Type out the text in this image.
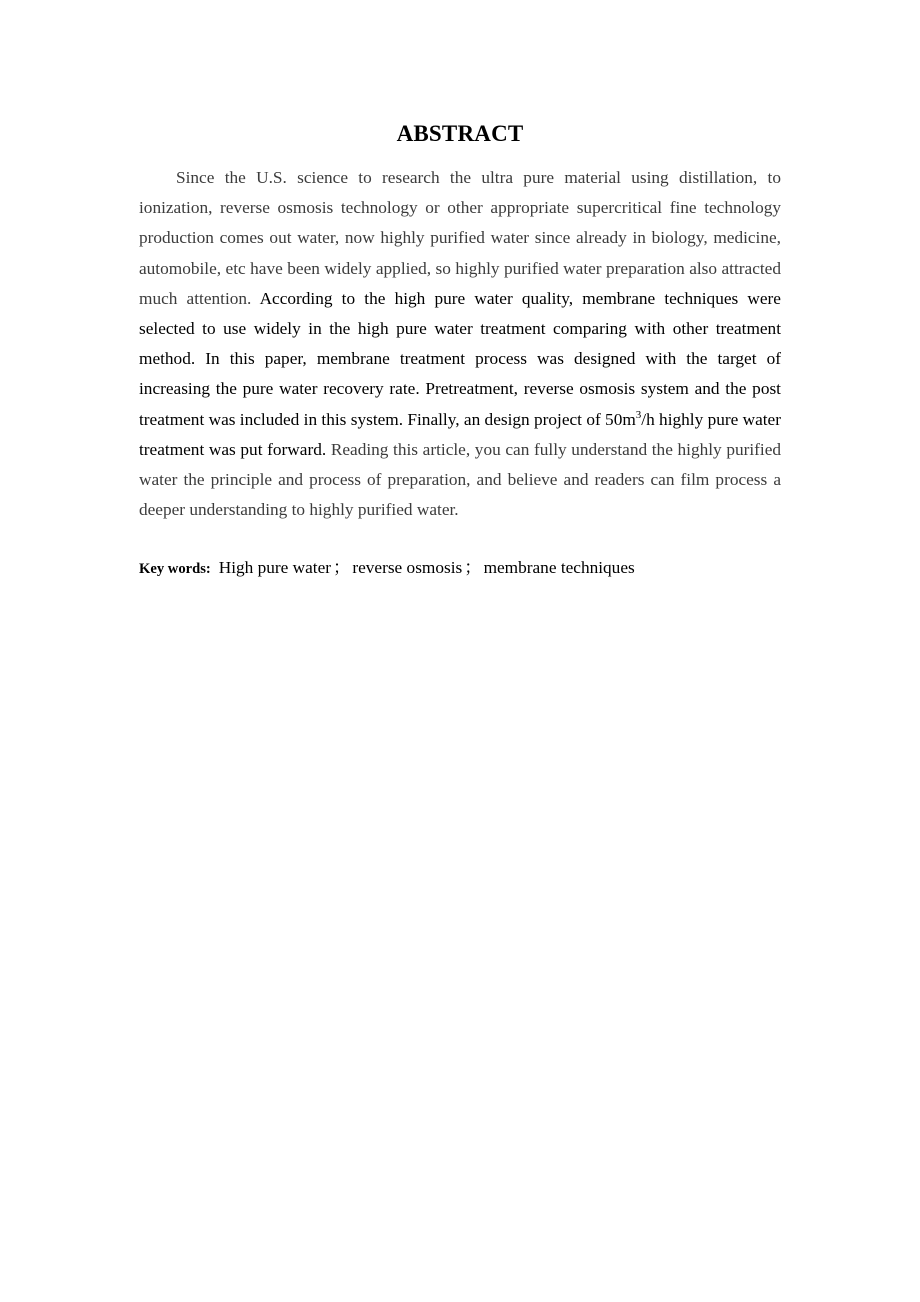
ABSTRACT

Since the U.S. science to research the ultra pure material using distillation, to ionization, reverse osmosis technology or other appropriate supercritical fine technology production comes out water, now highly purified water since already in biology, medicine, automobile, etc have been widely applied, so highly purified water preparation also attracted much attention. According to the high pure water quality, membrane techniques were selected to use widely in the high pure water treatment comparing with other treatment method. In this paper, membrane treatment process was designed with the target of increasing the pure water recovery rate. Pretreatment, reverse osmosis system and the post treatment was included in this system. Finally, an design project of $50m^3/h$ highly pure water treatment was put forward. Reading this article, you can fully understand the highly purified water the principle and process of preparation, and believe and readers can film process a deeper understanding to highly purified water.

Key words: High pure water ； reverse osmosis ； membrane techniques
